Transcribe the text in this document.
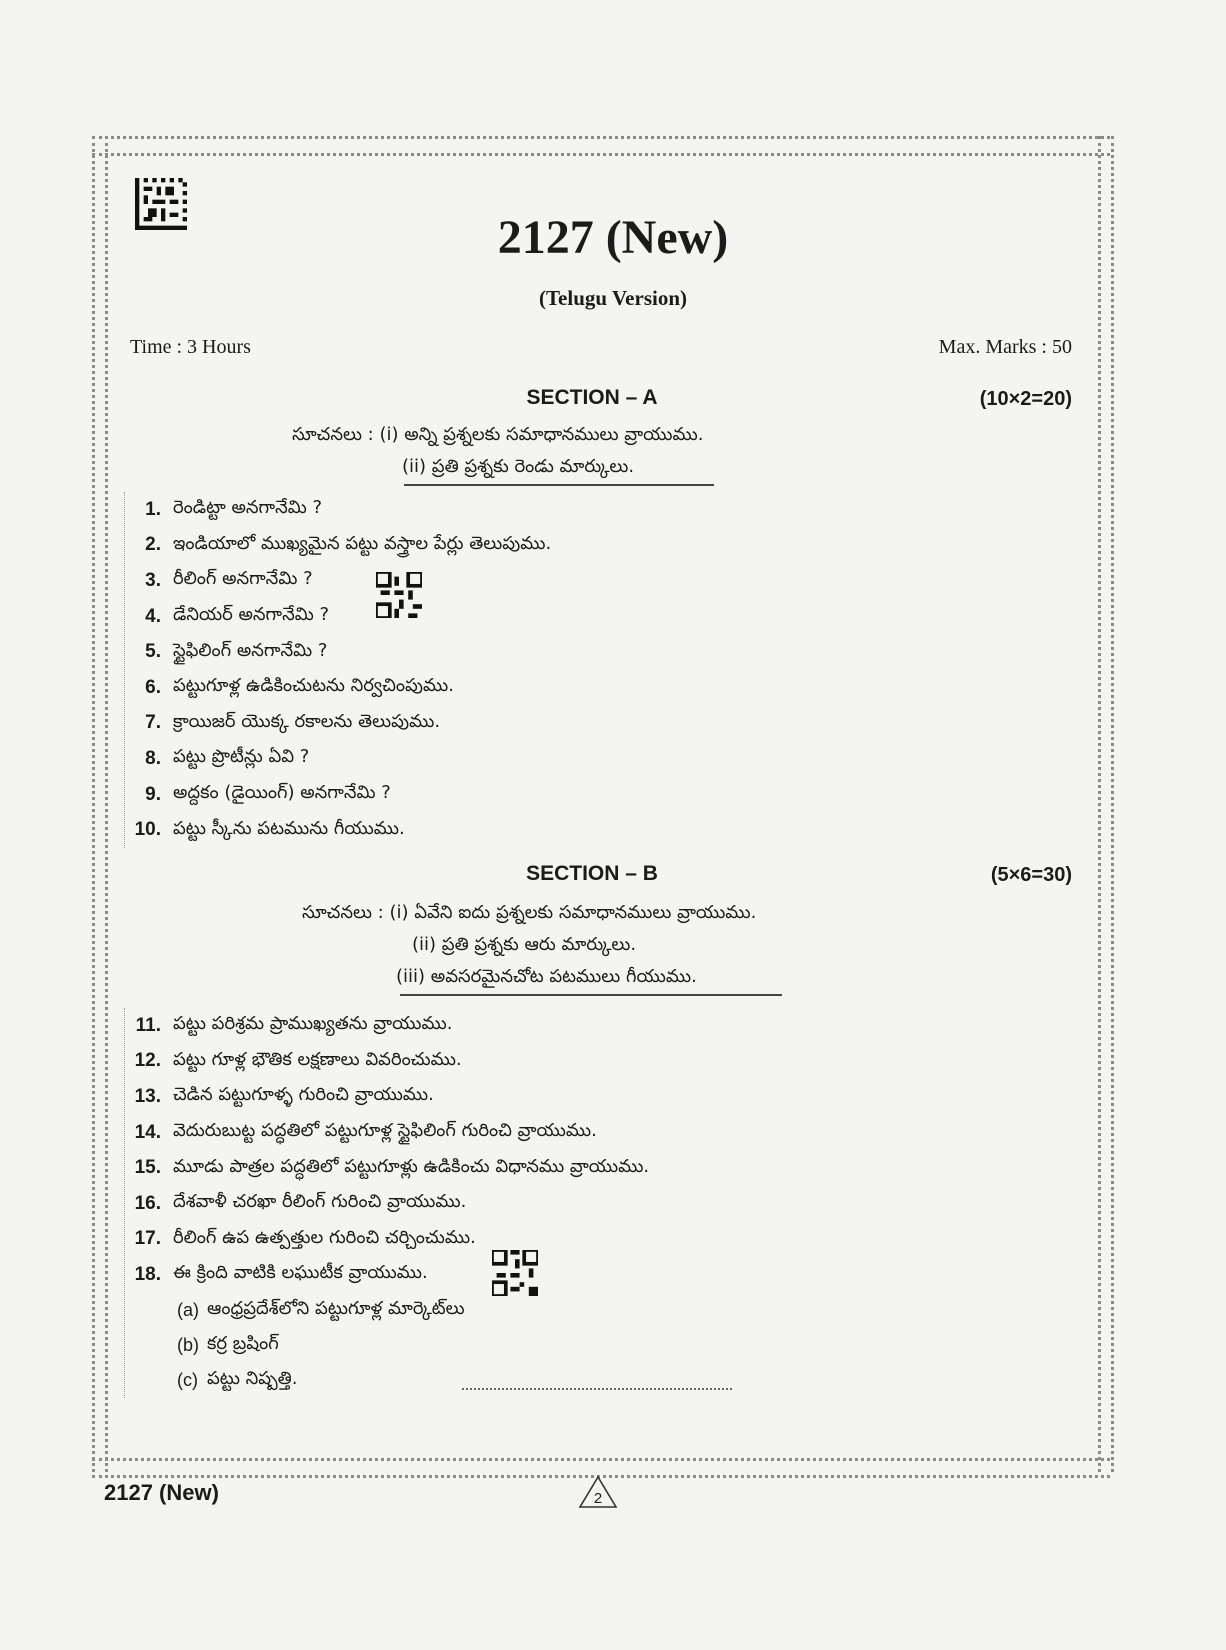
2127 (New)
(Telugu Version)
Time : 3 Hours	Max. Marks : 50
SECTION – A	(10×2=20)
సూచనలు : (i) అన్ని ప్రశ్నలకు సమాధానములు వ్రాయుము.
(ii) ప్రతి ప్రశ్నకు రెండు మార్కులు.
1. రెండిట్టా అనగానేమి ?
2. ఇండియాలో ముఖ్యమైన పట్టు వస్త్రాల పేర్లు తెలుపుము.
3. రీలింగ్ అనగానేమి ?
4. డేనియర్ అనగానేమి ?
5. స్టైఫిలింగ్ అనగానేమి ?
6. పట్టుగూళ్ల ఉడికించుటను నిర్వచింపుము.
7. క్రాయిజర్ యొక్క రకాలను తెలుపుము.
8. పట్టు ప్రొటీన్లు ఏవి ?
9. అద్దకం (డైయింగ్) అనగానేమి ?
10. పట్టు స్కీను పటమును గీయుము.
SECTION – B	(5×6=30)
సూచనలు : (i) ఏవేని ఐదు ప్రశ్నలకు సమాధానములు వ్రాయుము.
(ii) ప్రతి ప్రశ్నకు ఆరు మార్కులు.
(iii) అవసరమైనచోట పటములు గీయుము.
11. పట్టు పరిశ్రమ ప్రాముఖ్యతను వ్రాయుము.
12. పట్టు గూళ్ల భౌతిక లక్షణాలు వివరించుము.
13. చెడిన పట్టుగూళ్ళ గురించి వ్రాయుము.
14. వెదురుబుట్ట పద్ధతిలో పట్టుగూళ్ల స్టైఫిలింగ్ గురించి వ్రాయుము.
15. మూడు పాత్రల పద్ధతిలో పట్టుగూళ్లు ఉడికించు విధానము వ్రాయుము.
16. దేశవాళీ చరఖా రీలింగ్ గురించి వ్రాయుము.
17. రీలింగ్ ఉప ఉత్పత్తుల గురించి చర్చించుము.
18. ఈ క్రింది వాటికి లఘుటీక వ్రాయుము.
(a) ఆంధ్రప్రదేశ్‌లోని పట్టుగూళ్ల మార్కెట్‌లు
(b) కర్ర బ్రషింగ్
(c) పట్టు నిష్పత్తి.
2127 (New)	2
